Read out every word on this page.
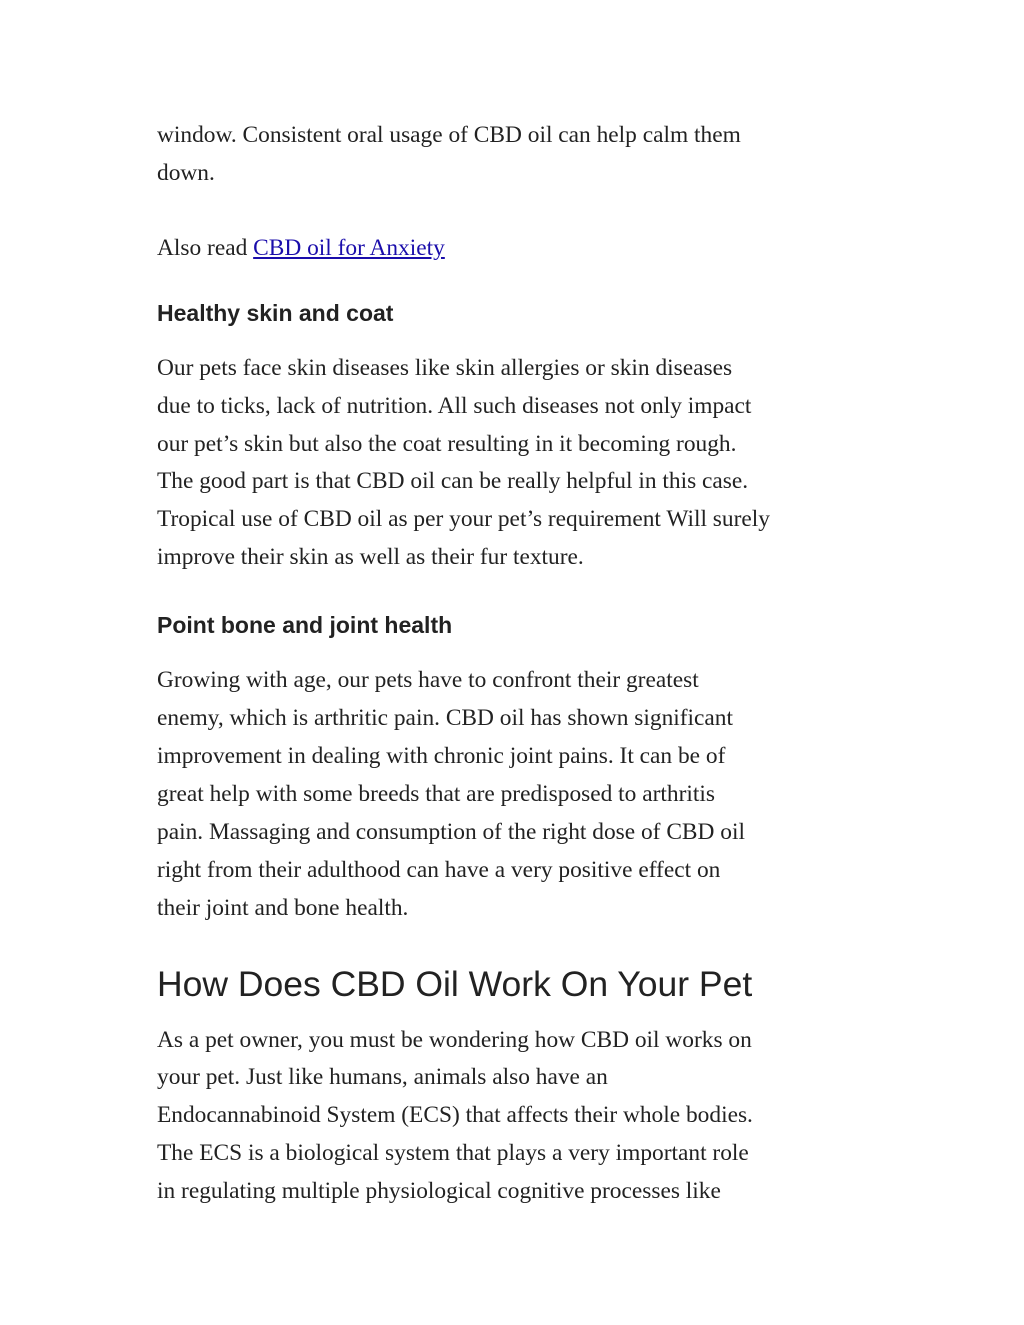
window. Consistent oral usage of CBD oil can help calm them
down.

Also read CBD oil for Anxiety

Healthy skin and coat

Our pets face skin diseases like skin allergies or skin diseases
due to ticks, lack of nutrition. All such diseases not only impact
our pet’s skin but also the coat resulting in it becoming rough.
The good part is that CBD oil can be really helpful in this case.
Tropical use of CBD oil as per your pet’s requirement Will surely
improve their skin as well as their fur texture.

Point bone and joint health

Growing with age, our pets have to confront their greatest
enemy, which is arthritic pain. CBD oil has shown significant
improvement in dealing with chronic joint pains. It can be of
great help with some breeds that are predisposed to arthritis
pain. Massaging and consumption of the right dose of CBD oil
right from their adulthood can have a very positive effect on
their joint and bone health.

How Does CBD Oil Work On Your Pet

As a pet owner, you must be wondering how CBD oil works on
your pet. Just like humans, animals also have an
Endocannabinoid System (ECS) that affects their whole bodies.
The ECS is a biological system that plays a very important role
in regulating multiple physiological cognitive processes like
